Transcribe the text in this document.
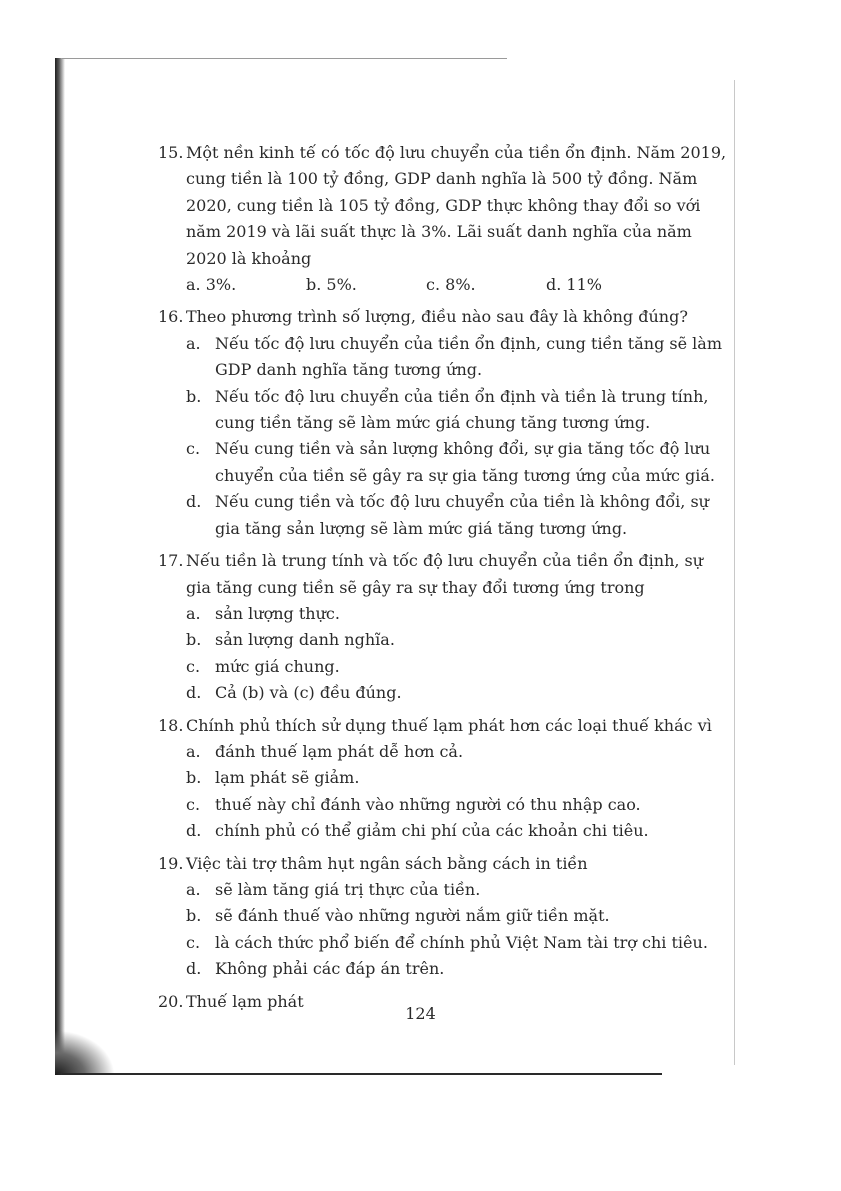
15. Một nền kinh tế có tốc độ lưu chuyển của tiền ổn định. Năm 2019, cung tiền là 100 tỷ đồng, GDP danh nghĩa là 500 tỷ đồng. Năm 2020, cung tiền là 105 tỷ đồng, GDP thực không thay đổi so với năm 2019 và lãi suất thực là 3%. Lãi suất danh nghĩa của năm 2020 là khoảng
a. 3%.	b. 5%.	c. 8%.	d. 11%
16. Theo phương trình số lượng, điều nào sau đây là không đúng?
a. Nếu tốc độ lưu chuyển của tiền ổn định, cung tiền tăng sẽ làm GDP danh nghĩa tăng tương ứng.
b. Nếu tốc độ lưu chuyển của tiền ổn định và tiền là trung tính, cung tiền tăng sẽ làm mức giá chung tăng tương ứng.
c. Nếu cung tiền và sản lượng không đổi, sự gia tăng tốc độ lưu chuyển của tiền sẽ gây ra sự gia tăng tương ứng của mức giá.
d. Nếu cung tiền và tốc độ lưu chuyển của tiền là không đổi, sự gia tăng sản lượng sẽ làm mức giá tăng tương ứng.
17. Nếu tiền là trung tính và tốc độ lưu chuyển của tiền ổn định, sự gia tăng cung tiền sẽ gây ra sự thay đổi tương ứng trong
a. sản lượng thực.
b. sản lượng danh nghĩa.
c. mức giá chung.
d. Cả (b) và (c) đều đúng.
18. Chính phủ thích sử dụng thuế lạm phát hơn các loại thuế khác vì
a. đánh thuế lạm phát dễ hơn cả.
b. lạm phát sẽ giảm.
c. thuế này chỉ đánh vào những người có thu nhập cao.
d. chính phủ có thể giảm chi phí của các khoản chi tiêu.
19. Việc tài trợ thâm hụt ngân sách bằng cách in tiền
a. sẽ làm tăng giá trị thực của tiền.
b. sẽ đánh thuế vào những người nắm giữ tiền mặt.
c. là cách thức phổ biến để chính phủ Việt Nam tài trợ chi tiêu.
d. Không phải các đáp án trên.
20. Thuế lạm phát
124
